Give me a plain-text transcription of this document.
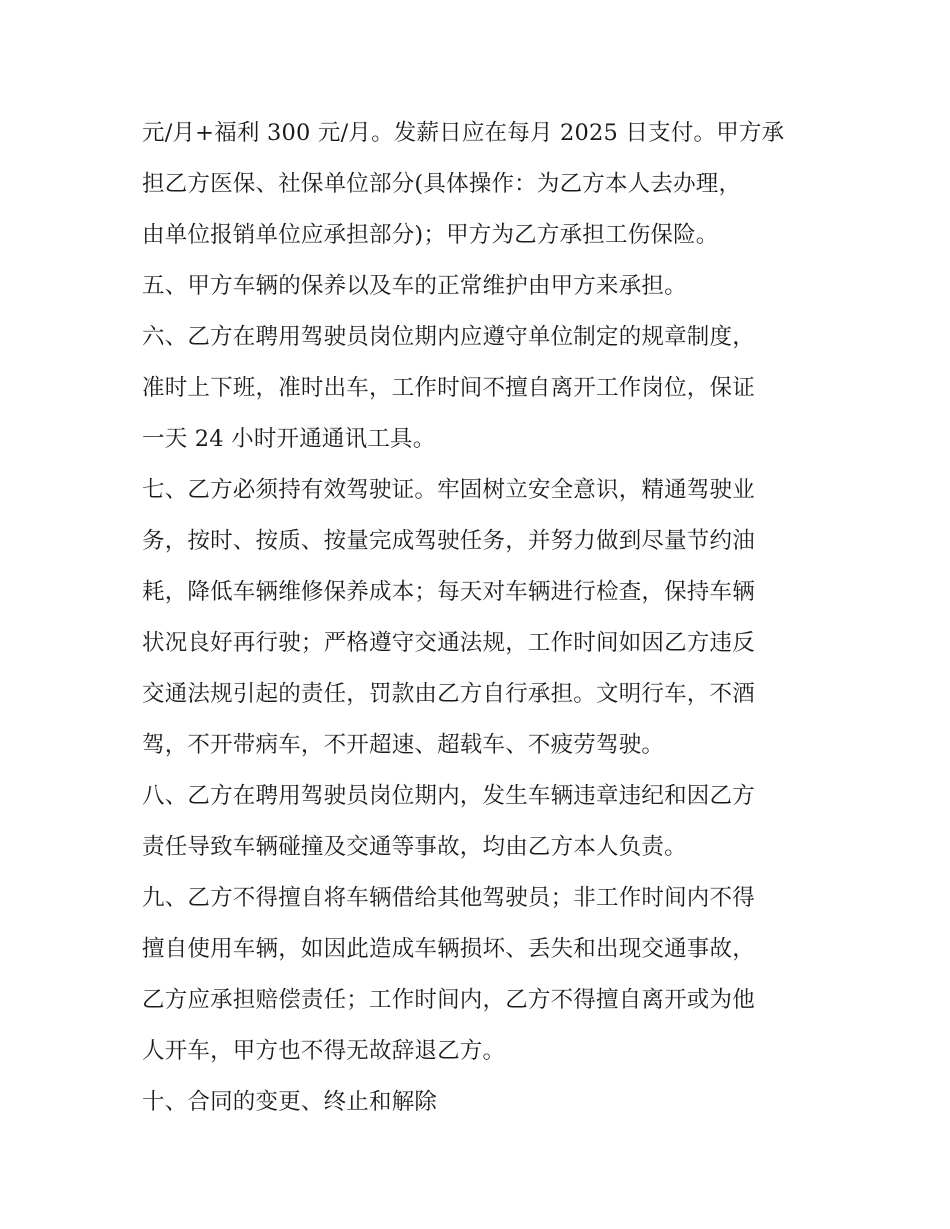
元/月+福利 300 元/月。发薪日应在每月 2025 日支付。甲方承
担乙方医保、社保单位部分(具体操作：为乙方本人去办理，
由单位报销单位应承担部分)；甲方为乙方承担工伤保险。
五、甲方车辆的保养以及车的正常维护由甲方来承担。
六、乙方在聘用驾驶员岗位期内应遵守单位制定的规章制度，
准时上下班，准时出车，工作时间不擅自离开工作岗位，保证
一天 24 小时开通通讯工具。
七、乙方必须持有效驾驶证。牢固树立安全意识，精通驾驶业
务，按时、按质、按量完成驾驶任务，并努力做到尽量节约油
耗，降低车辆维修保养成本；每天对车辆进行检查，保持车辆
状况良好再行驶；严格遵守交通法规，工作时间如因乙方违反
交通法规引起的责任，罚款由乙方自行承担。文明行车，不酒
驾，不开带病车，不开超速、超载车、不疲劳驾驶。
八、乙方在聘用驾驶员岗位期内，发生车辆违章违纪和因乙方
责任导致车辆碰撞及交通等事故，均由乙方本人负责。
九、乙方不得擅自将车辆借给其他驾驶员；非工作时间内不得
擅自使用车辆，如因此造成车辆损坏、丢失和出现交通事故，
乙方应承担赔偿责任；工作时间内，乙方不得擅自离开或为他
人开车，甲方也不得无故辞退乙方。
十、合同的变更、终止和解除
